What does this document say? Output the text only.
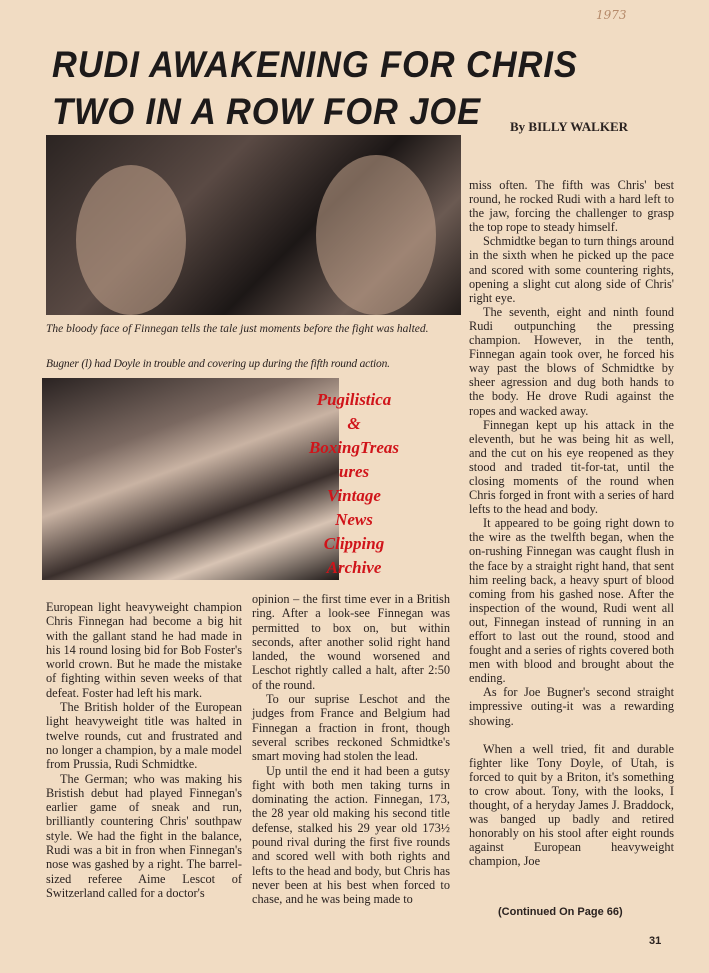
1973
RUDI AWAKENING FOR CHRIS
TWO IN A ROW FOR JOE By BILLY WALKER
The bloody face of Finnegan tells the tale just moments before the fight was halted.
Bugner (l) had Doyle in trouble and covering up during the fifth round action.
Pugilistica
&
BoxingTreas
ures
Vintage
News
Clipping
Archive

European light heavyweight champion Chris Finnegan had become a big hit with the gallant stand he had made in his 14 round losing bid for Bob Foster's world crown. But he made the mistake of fighting within seven weeks of that defeat. Foster had left his mark.

The British holder of the European light heavyweight title was halted in twelve rounds, cut and frustrated and no longer a champion, by a male model from Prussia, Rudi Schmidtke.

The German; who was making his Bristish debut had played Finnegan's earlier game of sneak and run, brilliantly countering Chris' southpaw style. We had the fight in the balance, Rudi was a bit in fron when Finnegan's nose was gashed by a right. The barrel-sized referee Aime Lescot of Switzerland called for a doctor's

opinion – the first time ever in a British ring. After a look-see Finnegan was permitted to box on, but within seconds, after another solid right hand landed, the wound worsened and Leschot rightly called a halt, after 2:50 of the round.

To our suprise Leschot and the judges from France and Belgium had Finnegan a fraction in front, though several scribes reckoned Schmidtke's smart moving had stolen the lead.

Up until the end it had been a gutsy fight with both men taking turns in dominating the action. Finnegan, 173, the 28 year old making his second title defense, stalked his 29 year old 173½ pound rival during the first five rounds and scored well with both rights and lefts to the head and body, but Chris has never been at his best when forced to chase, and he was being made to

miss often. The fifth was Chris' best round, he rocked Rudi with a hard left to the jaw, forcing the challenger to grasp the top rope to steady himself.

Schmidtke began to turn things around in the sixth when he picked up the pace and scored with some countering rights, opening a slight cut along side of Chris' right eye.

The seventh, eight and ninth found Rudi outpunching the pressing champion. However, in the tenth, Finnegan again took over, he forced his way past the blows of Schmidtke by sheer agression and dug both hands to the body. He drove Rudi against the ropes and wacked away.

Finnegan kept up his attack in the eleventh, but he was being hit as well, and the cut on his eye reopened as they stood and traded tit-for-tat, until the closing moments of the round when Chris forged in front with a series of hard lefts to the head and body.

It appeared to be going right down to the wire as the twelfth began, when the on-rushing Finnegan was caught flush in the face by a straight right hand, that sent him reeling back, a heavy spurt of blood coming from his gashed nose. After the inspection of the wound, Rudi went all out, Finnegan instead of running in an effort to last out the round, stood and fought and a series of rights covered both men with blood and brought about the ending.

As for Joe Bugner's second straight impressive outing-it was a rewarding showing.

When a well tried, fit and durable fighter like Tony Doyle, of Utah, is forced to quit by a Briton, it's something to crow about. Tony, with the looks, I thought, of a heryday James J. Braddock, was banged up badly and retired honorably on his stool after eight rounds against European heavyweight champion, Joe

(Continued On Page 66)
31
